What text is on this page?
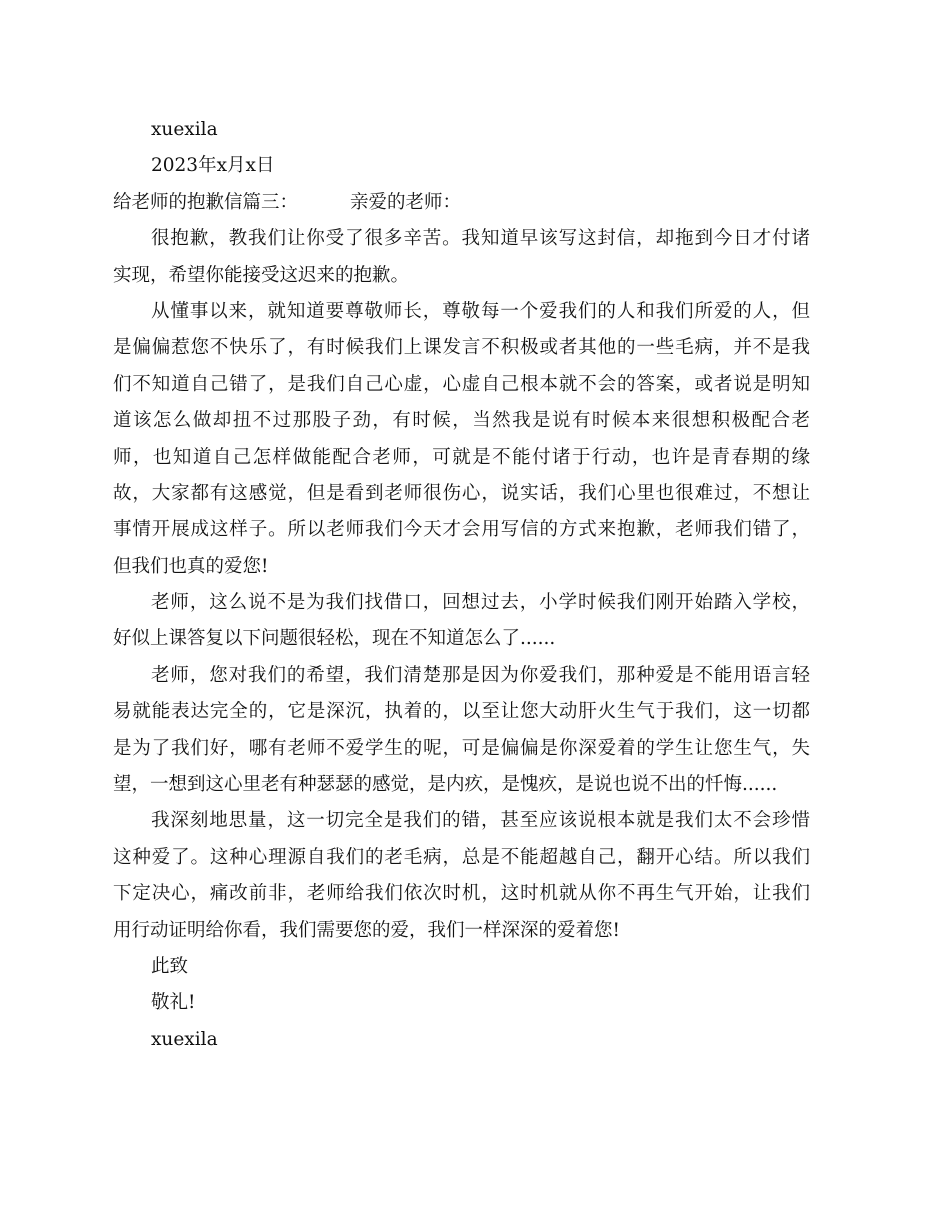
xuexila
2023年x月x日
给老师的抱歉信篇三：	亲爱的老师：
很抱歉，教我们让你受了很多辛苦。我知道早该写这封信，却拖到今日才付诸
实现，希望你能接受这迟来的抱歉。
从懂事以来，就知道要尊敬师长，尊敬每一个爱我们的人和我们所爱的人，但
是偏偏惹您不快乐了，有时候我们上课发言不积极或者其他的一些毛病，并不是我
们不知道自己错了，是我们自己心虚，心虚自己根本就不会的答案，或者说是明知
道该怎么做却扭不过那股子劲，有时候，当然我是说有时候本来很想积极配合老
师，也知道自己怎样做能配合老师，可就是不能付诸于行动，也许是青春期的缘
故，大家都有这感觉，但是看到老师很伤心，说实话，我们心里也很难过，不想让
事情开展成这样子。所以老师我们今天才会用写信的方式来抱歉，老师我们错了，
但我们也真的爱您!
老师，这么说不是为我们找借口，回想过去，小学时候我们刚开始踏入学校，
好似上课答复以下问题很轻松，现在不知道怎么了......
老师，您对我们的希望，我们清楚那是因为你爱我们，那种爱是不能用语言轻
易就能表达完全的，它是深沉，执着的，以至让您大动肝火生气于我们，这一切都
是为了我们好，哪有老师不爱学生的呢，可是偏偏是你深爱着的学生让您生气，失
望，一想到这心里老有种瑟瑟的感觉，是内疚，是愧疚，是说也说不出的忏悔......
我深刻地思量，这一切完全是我们的错，甚至应该说根本就是我们太不会珍惜
这种爱了。这种心理源自我们的老毛病，总是不能超越自己，翻开心结。所以我们
下定决心，痛改前非，老师给我们依次时机，这时机就从你不再生气开始，让我们
用行动证明给你看，我们需要您的爱，我们一样深深的爱着您!
此致
敬礼!
xuexila
